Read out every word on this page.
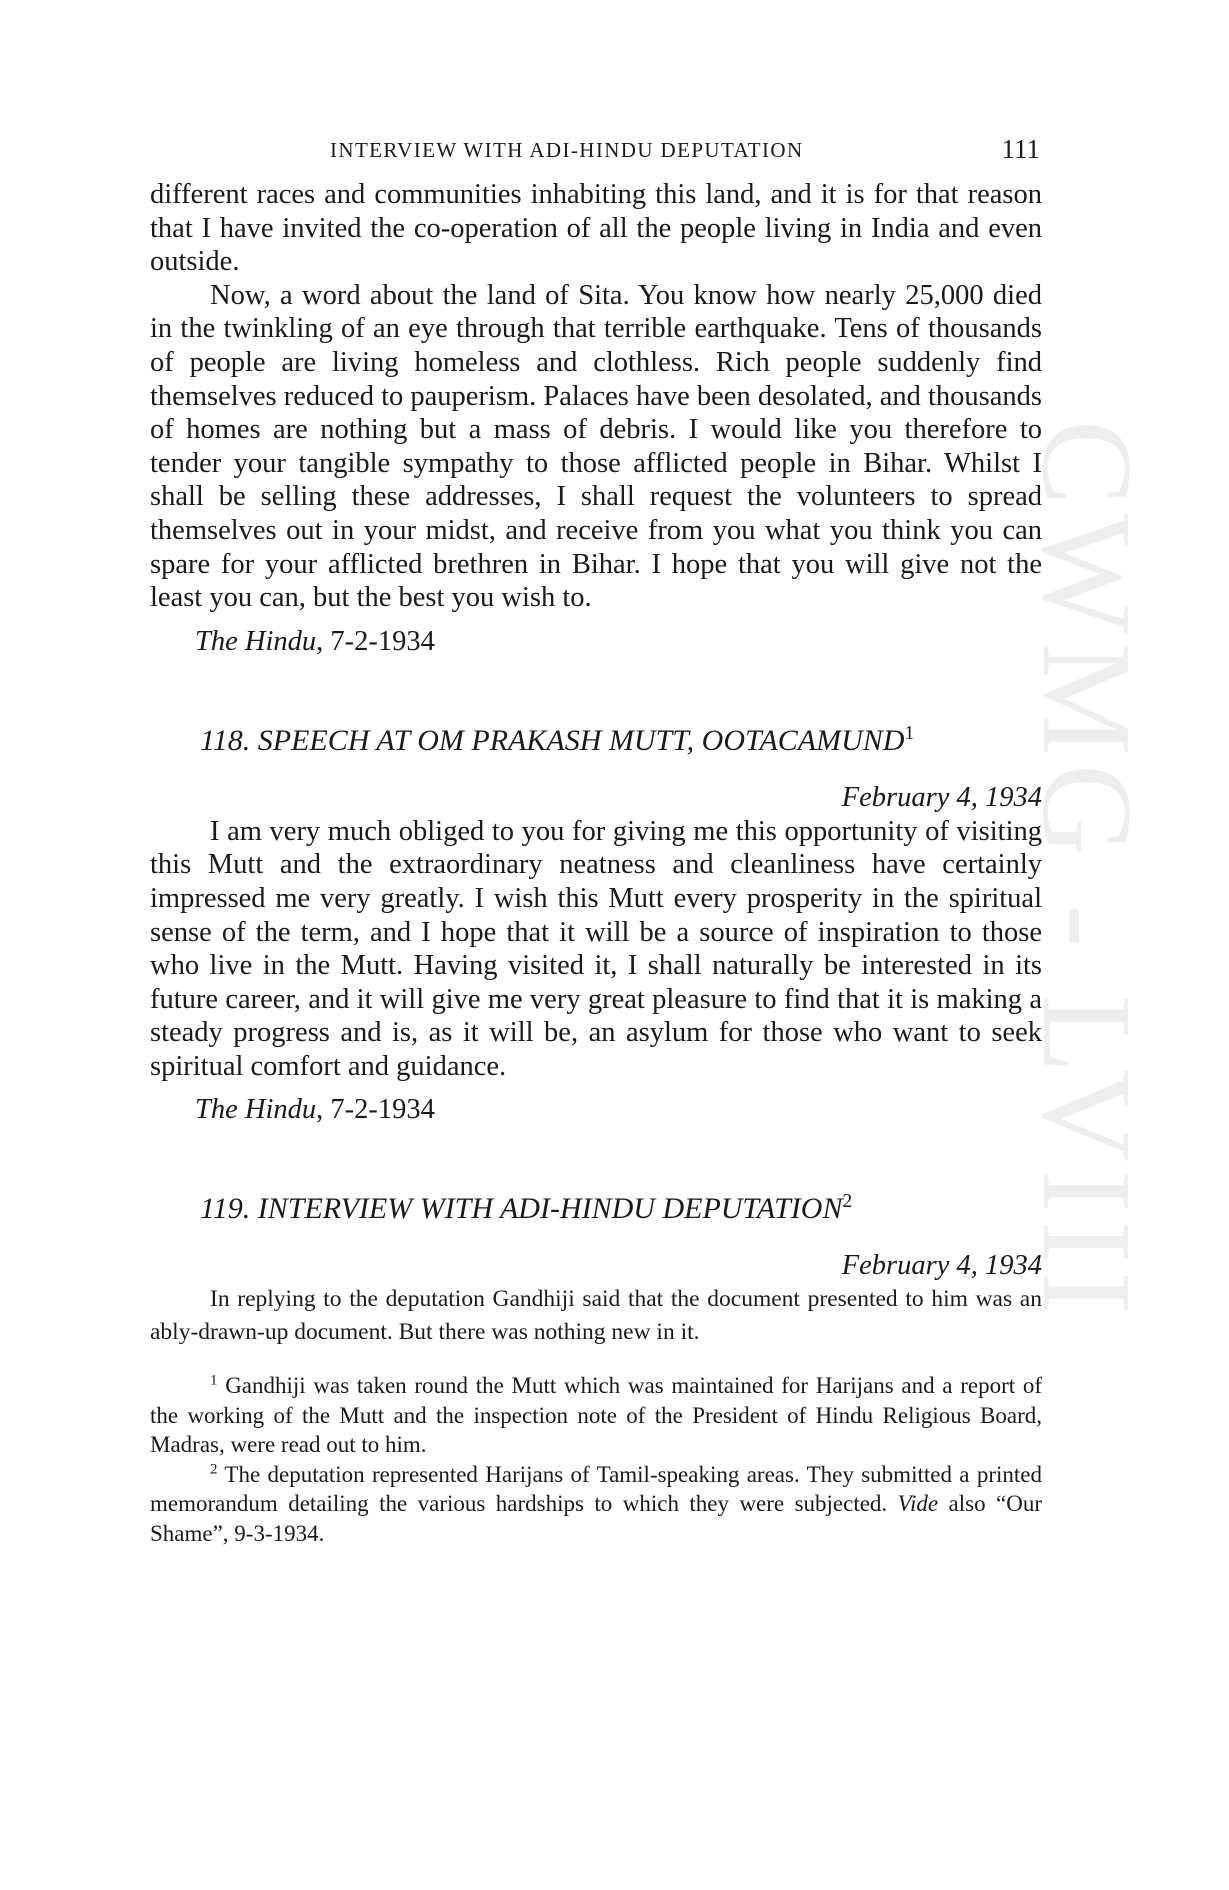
CWMG - LVIII
INTERVIEW WITH ADI-HINDU DEPUTATION	111

different races and communities inhabiting this land, and it is for that reason that I have invited the co-operation of all the people living in India and even outside.

Now, a word about the land of Sita. You know how nearly 25,000 died in the twinkling of an eye through that terrible earthquake. Tens of thousands of people are living homeless and clothless. Rich people suddenly find themselves reduced to pauperism. Palaces have been desolated, and thousands of homes are nothing but a mass of debris. I would like you therefore to tender your tangible sympathy to those afflicted people in Bihar. Whilst I shall be selling these addresses, I shall request the volunteers to spread themselves out in your midst, and receive from you what you think you can spare for your afflicted brethren in Bihar. I hope that you will give not the least you can, but the best you wish to.

The Hindu, 7-2-1934
118. SPEECH AT OM PRAKASH MUTT, OOTACAMUND$^1$
February 4, 1934

I am very much obliged to you for giving me this opportunity of visiting this Mutt and the extraordinary neatness and cleanliness have certainly impressed me very greatly. I wish this Mutt every prosperity in the spiritual sense of the term, and I hope that it will be a source of inspiration to those who live in the Mutt. Having visited it, I shall naturally be interested in its future career, and it will give me very great pleasure to find that it is making a steady progress and is, as it will be, an asylum for those who want to seek spiritual comfort and guidance.

The Hindu, 7-2-1934
119. INTERVIEW WITH ADI-HINDU DEPUTATION$^2$
February 4, 1934

In replying to the deputation Gandhiji said that the document presented to him was an ably-drawn-up document. But there was nothing new in it.

$^1$ Gandhiji was taken round the Mutt which was maintained for Harijans and a report of the working of the Mutt and the inspection note of the President of Hindu Religious Board, Madras, were read out to him.

$^2$ The deputation represented Harijans of Tamil-speaking areas. They submitted a printed memorandum detailing the various hardships to which they were subjected. Vide also “Our Shame”, 9-3-1934.
